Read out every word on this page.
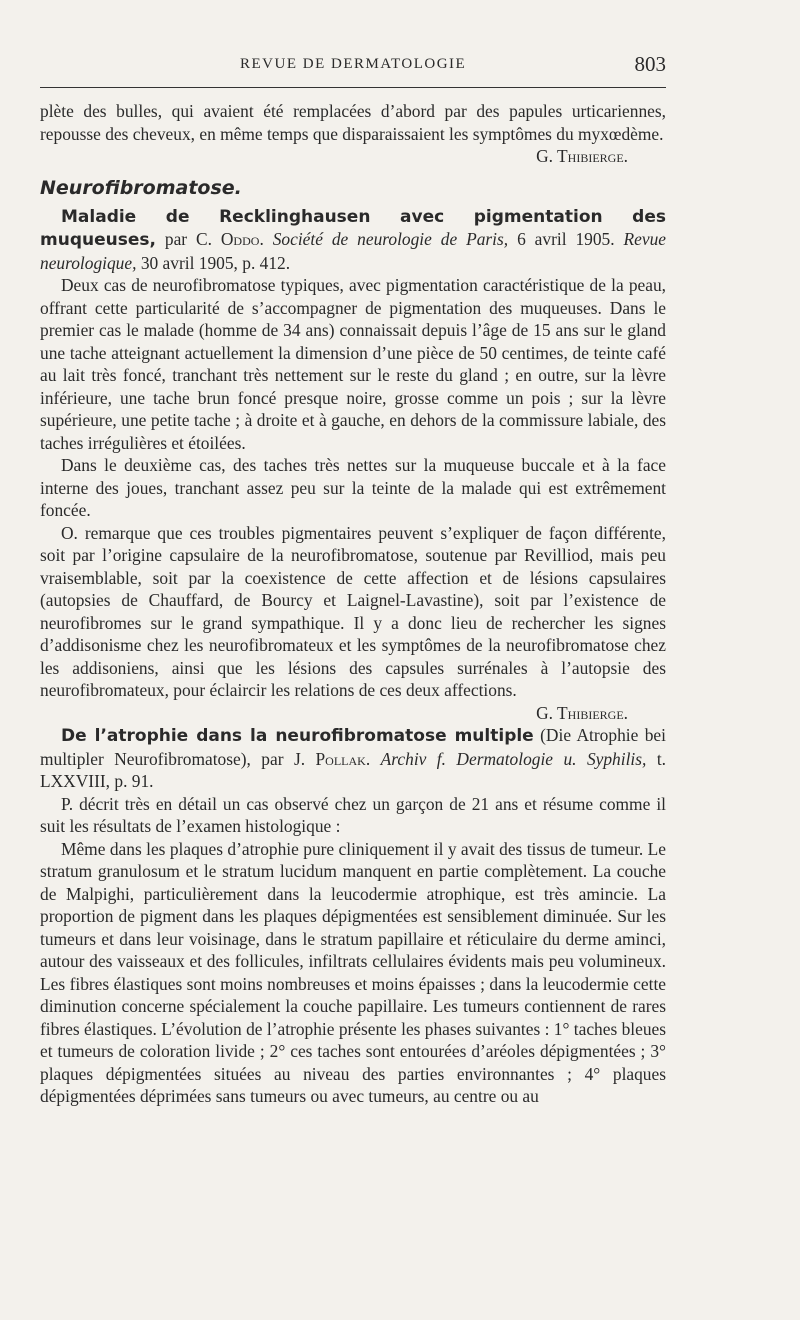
REVUE DE DERMATOLOGIE	803

plète des bulles, qui avaient été remplacées d’abord par des papules urticariennes, repousse des cheveux, en même temps que disparaissaient les symptômes du myxœdème.

G. Thibierge.

Neurofibromatose.

Maladie de Recklinghausen avec pigmentation des muqueuses, par C. Oddo. Société de neurologie de Paris, 6 avril 1905. Revue neurologique, 30 avril 1905, p. 412.

Deux cas de neurofibromatose typiques, avec pigmentation caractéristique de la peau, offrant cette particularité de s’accompagner de pigmentation des muqueuses. Dans le premier cas le malade (homme de 34 ans) connaissait depuis l’âge de 15 ans sur le gland une tache atteignant actuellement la dimension d’une pièce de 50 centimes, de teinte café au lait très foncé, tranchant très nettement sur le reste du gland ; en outre, sur la lèvre inférieure, une tache brun foncé presque noire, grosse comme un pois ; sur la lèvre supérieure, une petite tache ; à droite et à gauche, en dehors de la commissure labiale, des taches irrégulières et étoilées.

Dans le deuxième cas, des taches très nettes sur la muqueuse buccale et à la face interne des joues, tranchant assez peu sur la teinte de la malade qui est extrêmement foncée.

O. remarque que ces troubles pigmentaires peuvent s’expliquer de façon différente, soit par l’origine capsulaire de la neurofibromatose, soutenue par Revilliod, mais peu vraisemblable, soit par la coexistence de cette affection et de lésions capsulaires (autopsies de Chauffard, de Bourcy et Laignel-Lavastine), soit par l’existence de neurofibromes sur le grand sympathique. Il y a donc lieu de rechercher les signes d’addisonisme chez les neurofibromateux et les symptômes de la neurofibromatose chez les addisoniens, ainsi que les lésions des capsules surrénales à l’autopsie des neurofibromateux, pour éclaircir les relations de ces deux affections.

G. Thibierge.

De l’atrophie dans la neurofibromatose multiple (Die Atrophie bei multipler Neurofibromatose), par J. Pollak. Archiv f. Dermatologie u. Syphilis, t. LXXVIII, p. 91.

P. décrit très en détail un cas observé chez un garçon de 21 ans et résume comme il suit les résultats de l’examen histologique :

Même dans les plaques d’atrophie pure cliniquement il y avait des tissus de tumeur. Le stratum granulosum et le stratum lucidum manquent en partie complètement. La couche de Malpighi, particulièrement dans la leucodermie atrophique, est très amincie. La proportion de pigment dans les plaques dépigmentées est sensiblement diminuée. Sur les tumeurs et dans leur voisinage, dans le stratum papillaire et réticulaire du derme aminci, autour des vaisseaux et des follicules, infiltrats cellulaires évidents mais peu volumineux. Les fibres élastiques sont moins nombreuses et moins épaisses ; dans la leucodermie cette diminution concerne spécialement la couche papillaire. Les tumeurs contiennent de rares fibres élastiques. L’évolution de l’atrophie présente les phases suivantes : 1° taches bleues et tumeurs de coloration livide ; 2° ces taches sont entourées d’aréoles dépigmentées ; 3° plaques dépigmentées situées au niveau des parties environnantes ; 4° plaques dépigmentées déprimées sans tumeurs ou avec tumeurs, au centre ou au
